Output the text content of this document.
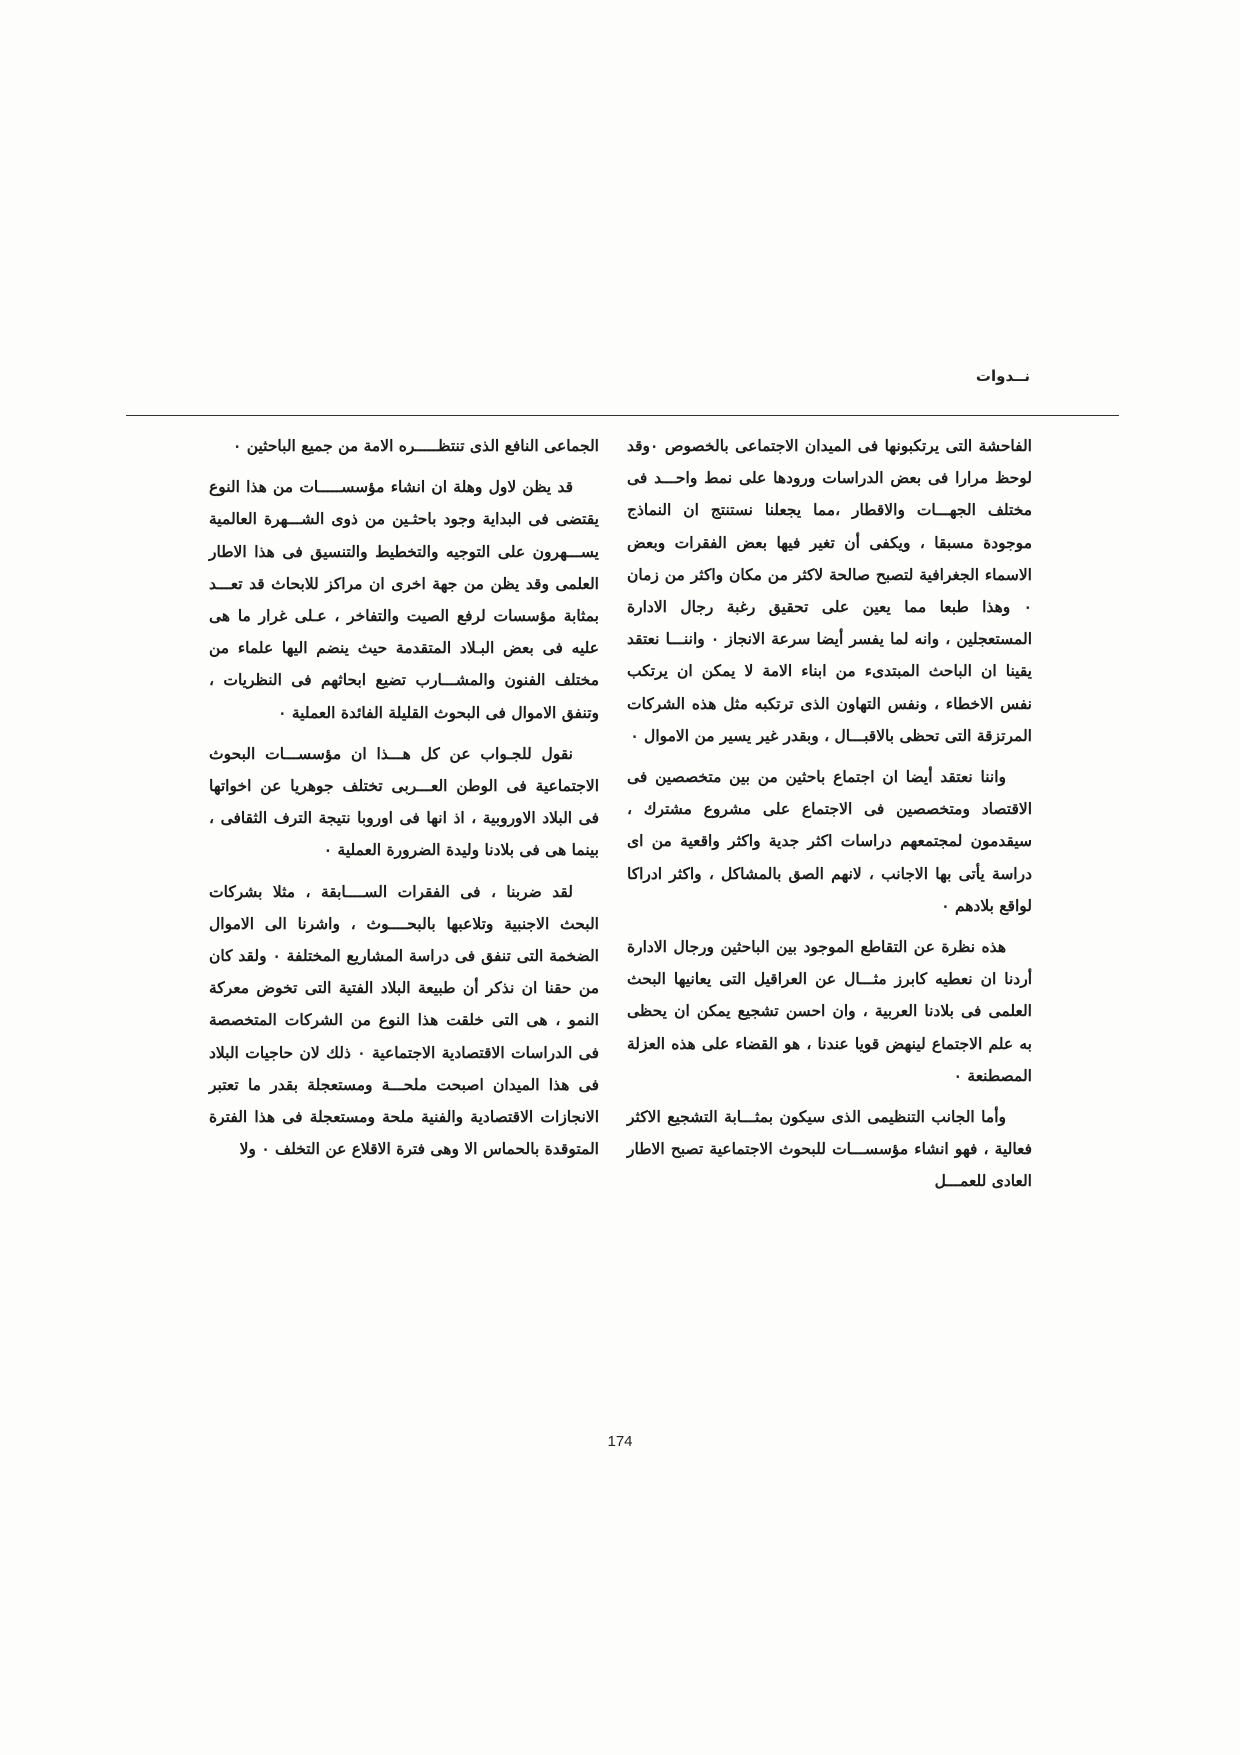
نــدوات

الفاحشة التى يرتكبونها فى الميدان الاجتماعى بالخصوص ٠وقد لوحظ مرارا فى بعض الدراسات ورودها على نمط واحـــد فى مختلف الجهـــات والاقطار ،مما يجعلنا نستنتج ان النماذج موجودة مسبقا ، ويكفى أن تغير فيها بعض الفقرات وبعض الاسماء الجغرافية لتصبح صالحة لاكثر من مكان واكثر من زمان ٠ وهذا طبعا مما يعين على تحقيق رغبة رجال الادارة المستعجلين ، وانه لما يفسر أيضا سرعة الانجاز ٠ واننـــا نعتقد يقينا ان الباحث المبتدىء من ابناء الامة لا يمكن ان يرتكب نفس الاخطاء ، ونفس التهاون الذى ترتكبه مثل هذه الشركات المرتزقة التى تحظى بالاقبـــال ، وبقدر غير يسير من الاموال ٠

واننا نعتقد أيضا ان اجتماع باحثين من بين متخصصين فى الاقتصاد ومتخصصين فى الاجتماع على مشروع مشترك ، سيقدمون لمجتمعهم دراسات اكثر جدية واكثر واقعية من اى دراسة يأتى بها الاجانب ، لانهم الصق بالمشاكل ، واكثر ادراكا لواقع بلادهم ٠

هذه نظرة عن التقاطع الموجود بين الباحثين ورجال الادارة أردنا ان نعطيه كابرز مثـــال عن العراقيل التى يعانيها البحث العلمى فى بلادنا العربية ، وان احسن تشجيع يمكن ان يحظى به علم الاجتماع لينهض قويا عندنا ، هو القضاء على هذه العزلة المصطنعة ٠

وأما الجانب التنظيمى الذى سيكون بمثـــابة التشجيع الاكثر فعالية ، فهو انشاء مؤسســـات للبحوث الاجتماعية تصبح الاطار العادى للعمـــل

الجماعى النافع الذى تنتظـــــره الامة من جميع الباحثين ٠

قد يظن لاول وهلة ان انشاء مؤسســـــات من هذا النوع يقتضى فى البداية وجود باحثـين من ذوى الشـــهرة العالمية يســـهرون على التوجيه والتخطيط والتنسيق فى هذا الاطار العلمى وقد يظن من جهة اخرى ان مراكز للابحاث قد تعـــد بمثابة مؤسسات لرفع الصيت والتفاخر ، عـلى غرار ما هى عليه فى بعض البـلاد المتقدمة حيث ينضم اليها علماء من مختلف الفنون والمشـــارب تضيع ابحاثهم فى النظريات ، وتنفق الاموال فى البحوث القليلة الفائدة العملية ٠

نقول للجـواب عن كل هـــذا ان مؤسســـات البحوث الاجتماعية فى الوطن العـــربى تختلف جوهريا عن اخواتها فى البلاد الاوروبية ، اذ انها فى اوروبا نتيجة الترف الثقافى ، بينما هى فى بلادنا وليدة الضرورة العملية ٠

لقد ضربنا ، فى الفقرات الســــابقة ، مثلا بشركات البحث الاجنبية وتلاعبها بالبحــــوث ، واشرنا الى الاموال الضخمة التى تنفق فى دراسة المشاريع المختلفة ٠ ولقد كان من حقنا ان نذكر أن طبيعة البلاد الفتية التى تخوض معركة النمو ، هى التى خلقت هذا النوع من الشركات المتخصصة فى الدراسات الاقتصادية الاجتماعية ٠ ذلك لان حاجيات البلاد فى هذا الميدان اصبحت ملحـــة ومستعجلة بقدر ما تعتبر الانجازات الاقتصادية والفنية ملحة ومستعجلة فى هذا الفترة المتوقدة بالحماس الا وهى فترة الاقلاع عن التخلف ٠ ولا

174
